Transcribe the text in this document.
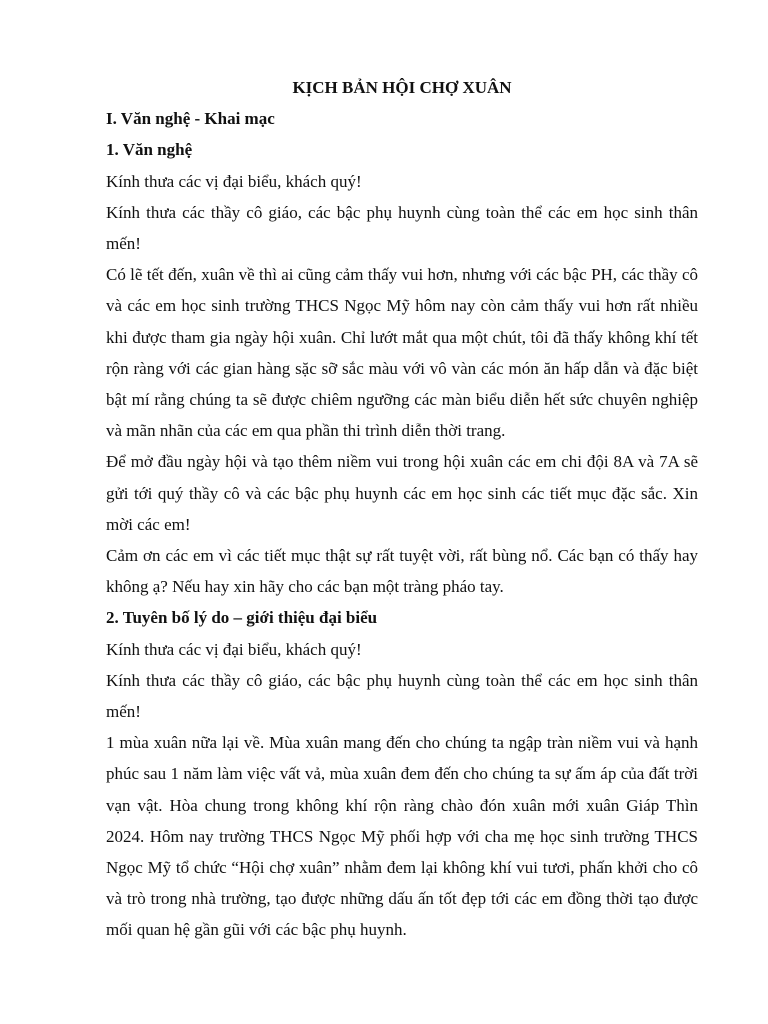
KỊCH BẢN HỘI CHỢ XUÂN

I. Văn nghệ - Khai mạc

1. Văn nghệ

Kính thưa các vị đại biểu, khách quý!

Kính thưa các thầy cô giáo, các bậc phụ huynh cùng toàn thể các em học sinh thân mến!

Có lẽ tết đến, xuân về thì ai cũng cảm thấy vui hơn, nhưng với các bậc PH, các thầy cô và các em học sinh trường THCS Ngọc Mỹ hôm nay còn cảm thấy vui hơn rất nhiều khi được tham gia ngày hội xuân. Chỉ lướt mắt qua một chút, tôi đã thấy không khí tết rộn ràng với các gian hàng sặc sỡ sắc màu với vô vàn các món ăn hấp dẫn và đặc biệt bật mí rằng chúng ta sẽ được chiêm ngưỡng các màn biểu diễn hết sức chuyên nghiệp và mãn nhãn của các em qua phần thi trình diễn thời trang.

Để mở đầu ngày hội và tạo thêm niềm vui trong hội xuân các em chi đội 8A và 7A sẽ gửi tới quý thầy cô và các bậc phụ huynh các em học sinh các tiết mục đặc sắc. Xin mời các em!

Cảm ơn các em vì các tiết mục thật sự rất tuyệt vời, rất bùng nổ. Các bạn có thấy hay không ạ? Nếu hay xin hãy cho các bạn một tràng pháo tay.

2. Tuyên bố lý do – giới thiệu đại biểu

Kính thưa các vị đại biểu, khách quý!

Kính thưa các thầy cô giáo, các bậc phụ huynh cùng toàn thể các em học sinh thân mến!

1 mùa xuân nữa lại về. Mùa xuân mang đến cho chúng ta ngập tràn niềm vui và hạnh phúc sau 1 năm làm việc vất vả, mùa xuân đem đến cho chúng ta sự ấm áp của đất trời vạn vật. Hòa chung trong không khí rộn ràng chào đón xuân mới xuân Giáp Thìn 2024. Hôm nay trường THCS Ngọc Mỹ phối hợp với cha mẹ học sinh trường THCS Ngọc Mỹ tổ chức “Hội chợ xuân” nhằm đem lại không khí vui tươi, phấn khởi cho cô và trò trong nhà trường, tạo được những dấu ấn tốt đẹp tới các em đồng thời tạo được mối quan hệ gần gũi với các bậc phụ huynh.
